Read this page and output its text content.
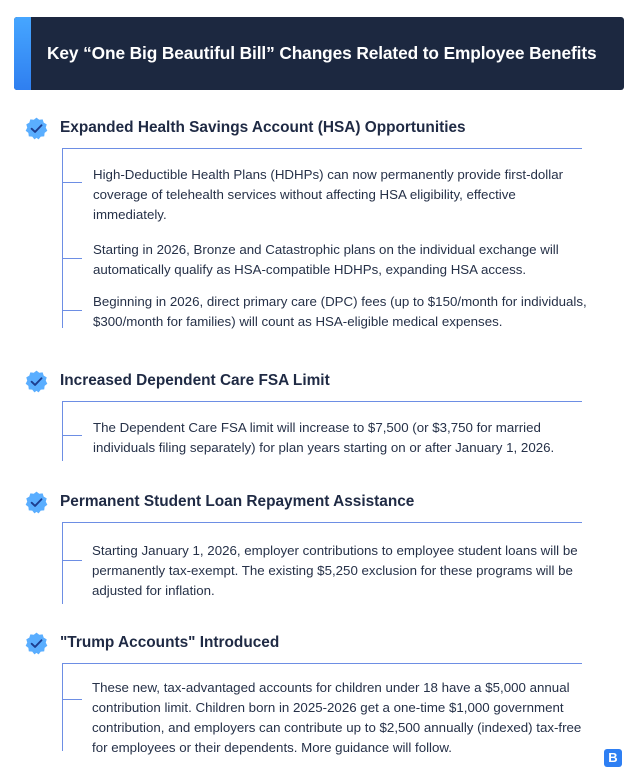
Key “One Big Beautiful Bill” Changes Related to Employee Benefits
Expanded Health Savings Account (HSA) Opportunities
High-Deductible Health Plans (HDHPs) can now permanently provide first-dollar coverage of telehealth services without affecting HSA eligibility, effective immediately.
Starting in 2026, Bronze and Catastrophic plans on the individual exchange will automatically qualify as HSA-compatible HDHPs, expanding HSA access.
Beginning in 2026, direct primary care (DPC) fees (up to $150/month for individuals, $300/month for families) will count as HSA-eligible medical expenses.
Increased Dependent Care FSA Limit
The Dependent Care FSA limit will increase to $7,500 (or $3,750 for married individuals filing separately) for plan years starting on or after January 1, 2026.
Permanent Student Loan Repayment Assistance
Starting January 1, 2026, employer contributions to employee student loans will be permanently tax-exempt. The existing $5,250 exclusion for these programs will be adjusted for inflation.
"Trump Accounts" Introduced
These new, tax-advantaged accounts for children under 18 have a $5,000 annual contribution limit. Children born in 2025-2026 get a one-time $1,000 government contribution, and employers can contribute up to $2,500 annually (indexed) tax-free for employees or their dependents. More guidance will follow.
B
